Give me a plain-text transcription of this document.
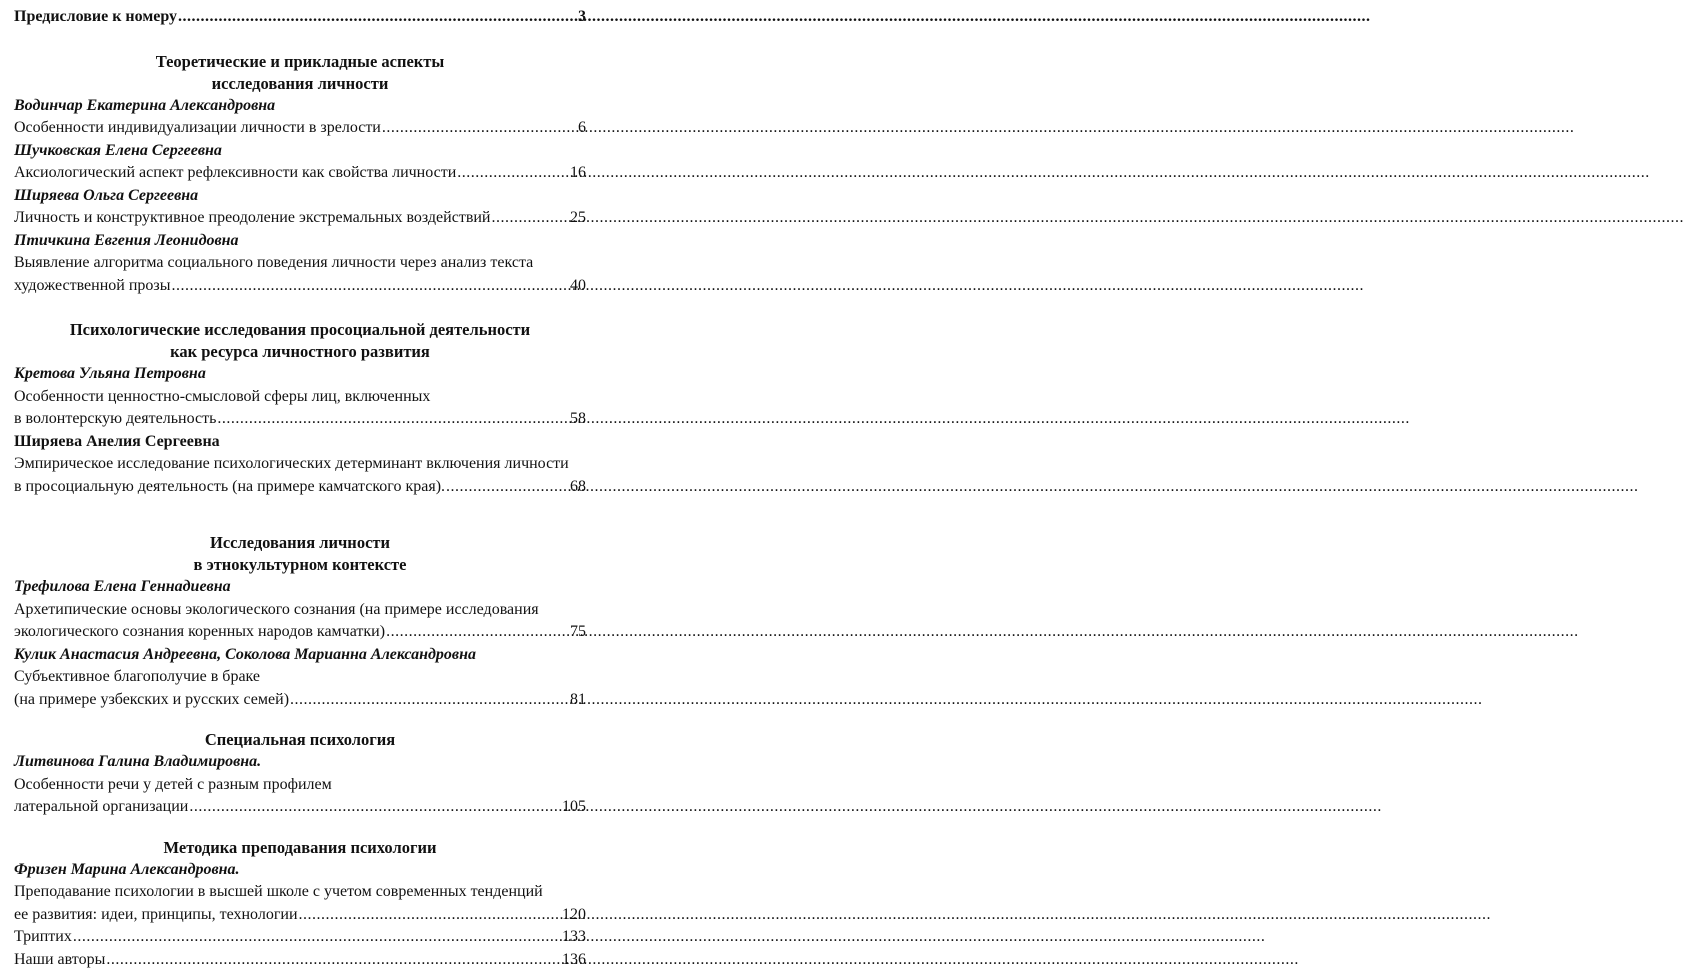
Предисловие к номеру .....	3
Теоретические и прикладные аспекты
исследования личности
Водинчар Екатерина Александровна
Особенности индивидуализации личности в зрелости .....	6
Шучковская Елена Сергеевна
Аксиологический аспект рефлексивности как свойства личности .....	16
Ширяева Ольга Сергеевна
Личность и конструктивное преодоление экстремальных воздействий .....	25
Птичкина Евгения Леонидовна
Выявление алгоритма социального поведения личности через анализ текста
художественной прозы .....	40
Психологические исследования просоциальной деятельности
как ресурса личностного развития
Кретова Ульяна Петровна
Особенности ценностно-смысловой сферы лиц, включенных
в волонтерскую деятельность .....	58
Ширяева Анелия Сергеевна
Эмпирическое исследование психологических детерминант включения личности
в просоциальную деятельность (на примере камчатского края). .....	68
Исследования личности
в этнокультурном контексте
Трефилова Елена Геннадиевна
Архетипические основы экологического сознания (на примере исследования
экологического сознания коренных народов камчатки) .....	75
Кулик Анастасия Андреевна, Соколова Марианна Александровна
Субъективное благополучие в браке
(на примере узбекских и русских семей) .....	81
Специальная психология
Литвинова Галина Владимировна.
Особенности речи у детей с разным профилем
латеральной организации .....	105
Методика преподавания психологии
Фризен Марина Александровна.
Преподавание психологии в высшей школе с учетом современных тенденций
ее развития: идеи, принципы, технологии .....	120
Триптих .....	133
Наши авторы .....	136
